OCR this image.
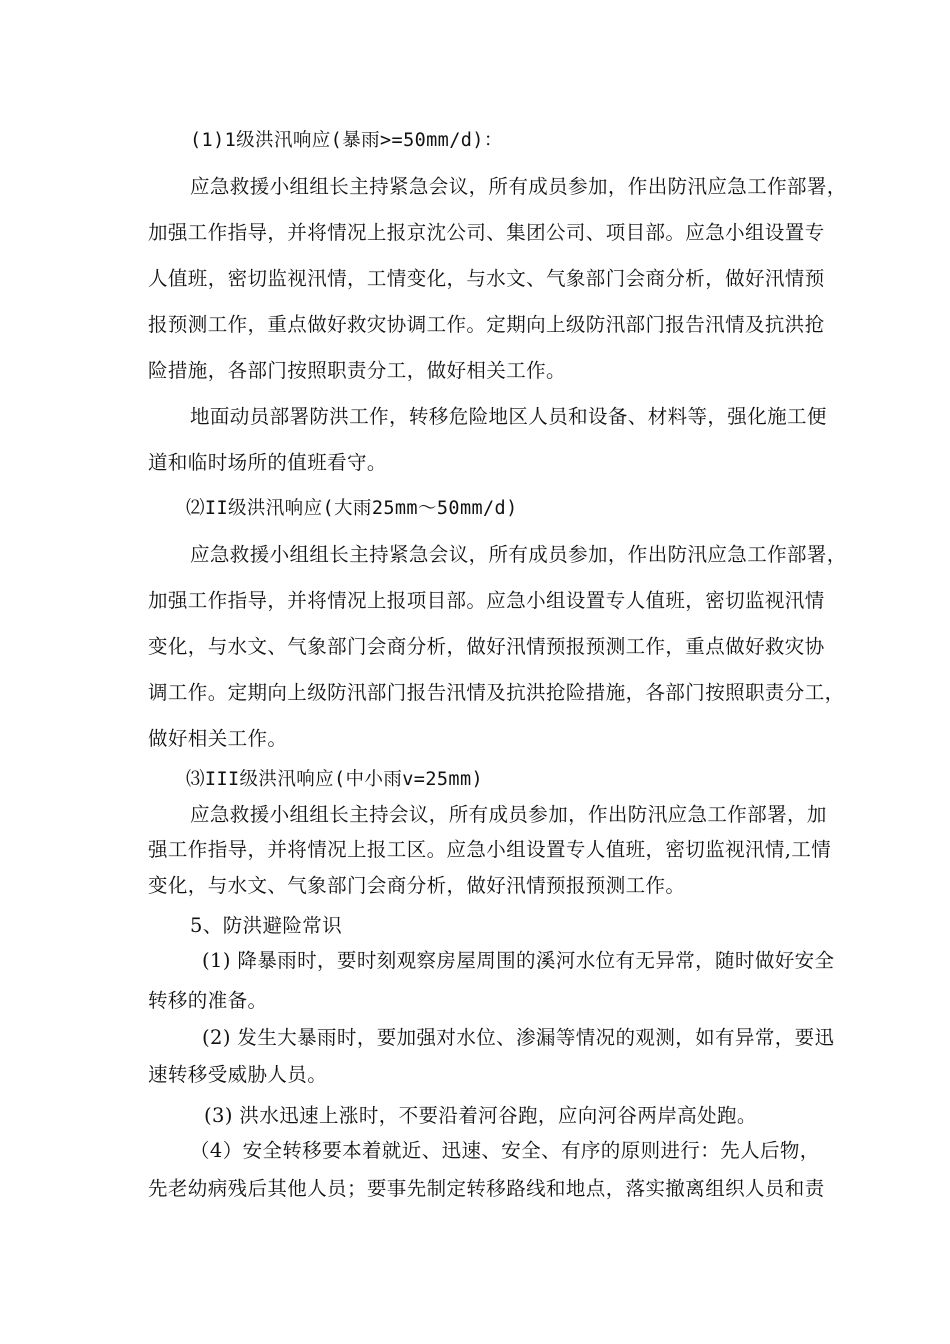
(1)1级洪汛响应(暴雨>=50mm/d)：
应急救援小组组长主持紧急会议，所有成员参加，作出防汛应急工作部署，
加强工作指导，并将情况上报京沈公司、集团公司、项目部。应急小组设置专
人值班，密切监视汛情，工情变化，与水文、气象部门会商分析，做好汛情预
报预测工作，重点做好救灾协调工作。定期向上级防汛部门报告汛情及抗洪抢
险措施，各部门按照职责分工，做好相关工作。
地面动员部署防洪工作，转移危险地区人员和设备、材料等，强化施工便
道和临时场所的值班看守。
⑵II级洪汛响应(大雨25mm～50mm/d)
应急救援小组组长主持紧急会议，所有成员参加，作出防汛应急工作部署，
加强工作指导，并将情况上报项目部。应急小组设置专人值班，密切监视汛情
变化，与水文、气象部门会商分析，做好汛情预报预测工作，重点做好救灾协
调工作。定期向上级防汛部门报告汛情及抗洪抢险措施，各部门按照职责分工，
做好相关工作。
⑶III级洪汛响应(中小雨v=25mm)
应急救援小组组长主持会议，所有成员参加，作出防汛应急工作部署，加
强工作指导，并将情况上报工区。应急小组设置专人值班，密切监视汛情,工情
变化，与水文、气象部门会商分析，做好汛情预报预测工作。
5、防洪避险常识
(1) 降暴雨时，要时刻观察房屋周围的溪河水位有无异常，随时做好安全
转移的准备。
(2) 发生大暴雨时，要加强对水位、渗漏等情况的观测，如有异常，要迅
速转移受威胁人员。
(3) 洪水迅速上涨时，不要沿着河谷跑，应向河谷两岸高处跑。
（4）安全转移要本着就近、迅速、安全、有序的原则进行：先人后物，
先老幼病残后其他人员；要事先制定转移路线和地点，落实撤离组织人员和责
